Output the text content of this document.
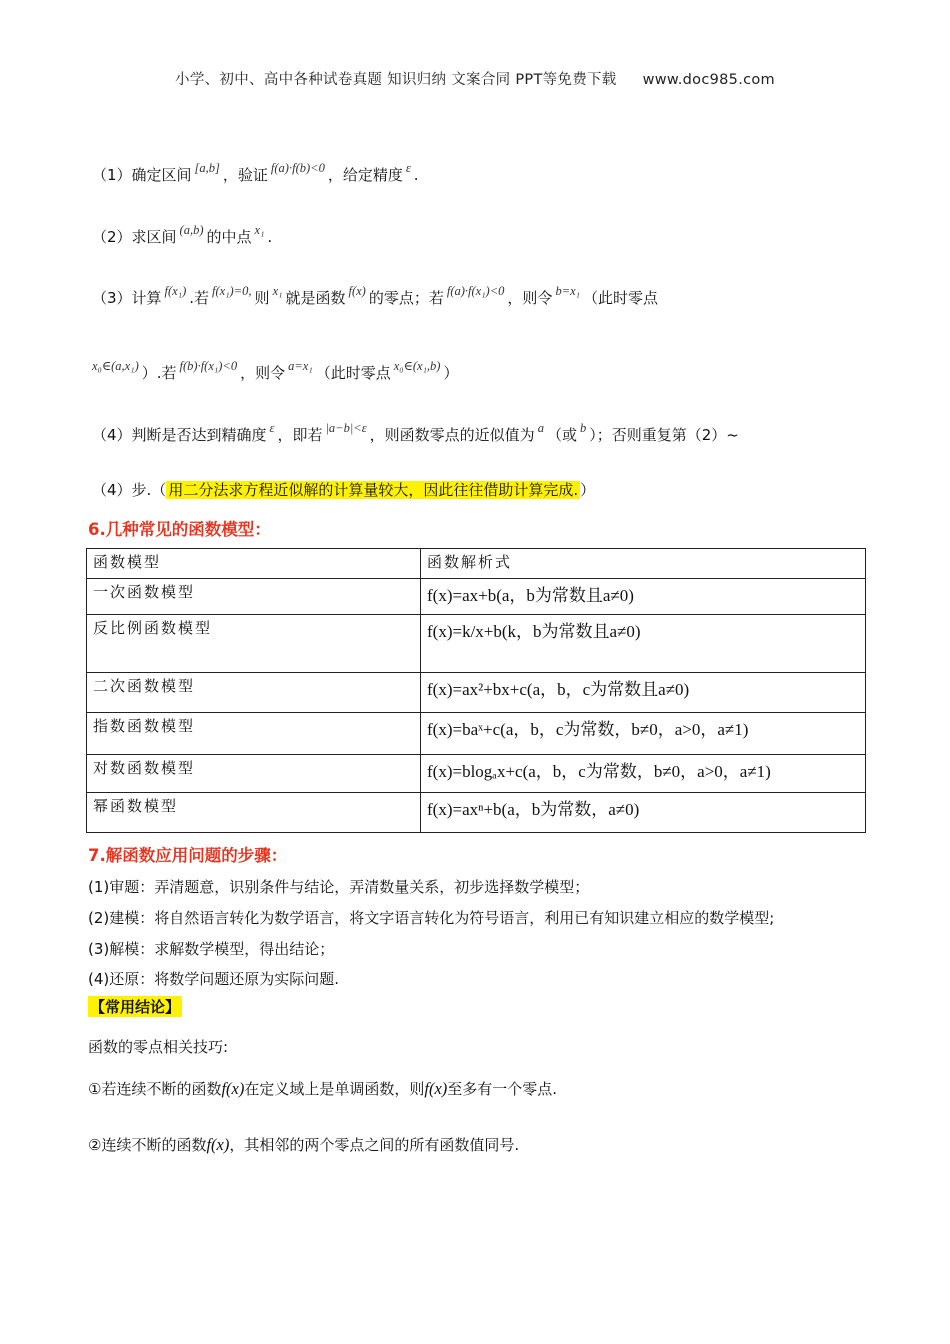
小学、初中、高中各种试卷真题 知识归纳 文案合同 PPT等免费下载 www.doc985.com
（1）确定区间 [a,b] ，验证 $^{f(a)\cdot f(b)<0}$ ，给定精度 $^\varepsilon$ .
（2）求区间 $^{(a,b)}$ 的中点 $^{x_1}$ .
（3）计算 $^{f(x_1)}$ .若 $^{f(x_1)=0,}$ 则 $^{x_1}$ 就是函数 $^{f(x)}$ 的零点；若 $^{f(a)\cdot f(x_1)<0}$ ，则令 $^{b=x_1}$ （此时零点
$^{x_0\in(a,x_1)}$ ）.若 $^{f(b)\cdot f(x_1)<0}$ ，则令 $^{a=x_1}$ （此时零点 $^{x_0\in(x_1,b)}$ ）
（4）判断是否达到精确度 $^\varepsilon$ ，即若 $^{|a-b|<\varepsilon}$ ，则函数零点的近似值为 $^a$ （或 $^b$ ）；否则重复第（2）~
（4）步.（ 用二分法求方程近似解的计算量较大，因此往往借助计算完成. ）
6.几种常见的函数模型：
函数模型	函数解析式
一次函数模型	f(x)=ax+b(a，b为常数且a≠0)
反比例函数模型	f(x)=k/x+b(k，b为常数且a≠0)
二次函数模型	f(x)=ax²+bx+c(a，b，c为常数且a≠0)
指数函数模型	f(x)=baˣ+c(a，b，c为常数，b≠0，a>0，a≠1)
对数函数模型	f(x)=blogₐx+c(a，b，c为常数，b≠0，a>0，a≠1)
幂函数模型	f(x)=axⁿ+b(a，b为常数，a≠0)
7.解函数应用问题的步骤：
(1)审题：弄清题意，识别条件与结论，弄清数量关系，初步选择数学模型；
(2)建模：将自然语言转化为数学语言，将文字语言转化为符号语言，利用已有知识建立相应的数学模型;
(3)解模：求解数学模型，得出结论；
(4)还原：将数学问题还原为实际问题.
【常用结论】
函数的零点相关技巧:
①若连续不断的函数f(x)在定义域上是单调函数，则f(x)至多有一个零点.
②连续不断的函数f(x)，其相邻的两个零点之间的所有函数值同号.
